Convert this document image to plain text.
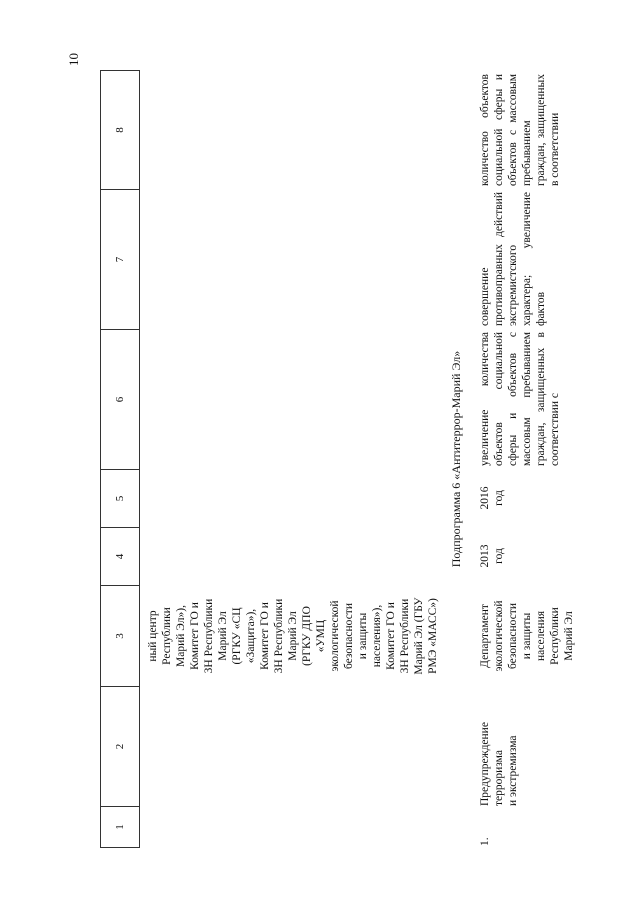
10
1
2
3
4
5
6
7
8
ный центр
Республики
Марий Эл»),
Комитет ГО и
ЗН Республики
Марий Эл
(РГКУ «СЦ
«Защита»),
Комитет ГО и
ЗН Республики
Марий Эл
(РГКУ ДПО
«УМЦ
экологической
безопасности
и защиты
населения»),
Комитет ГО и
ЗН Республики
Марий Эл (ГБУ
РМЭ «МАСС»)
Подпрограмма 6 «Антитеррор-Марий Эл»
1.
Предупреждение
терроризма
и экстремизма
Департамент
экологической
безопасности
и защиты
населения
Республики
Марий Эл
2013
год
2016
год
увеличение количества объектов социальной сферы и объектов с массовым пребыванием граждан, защищенных в соответствии с
совершение противоправных действий экстремистского характера; увеличение фактов
количество объектов социальной сферы и объектов с массовым пребыванием граждан, защищенных в соответствии
